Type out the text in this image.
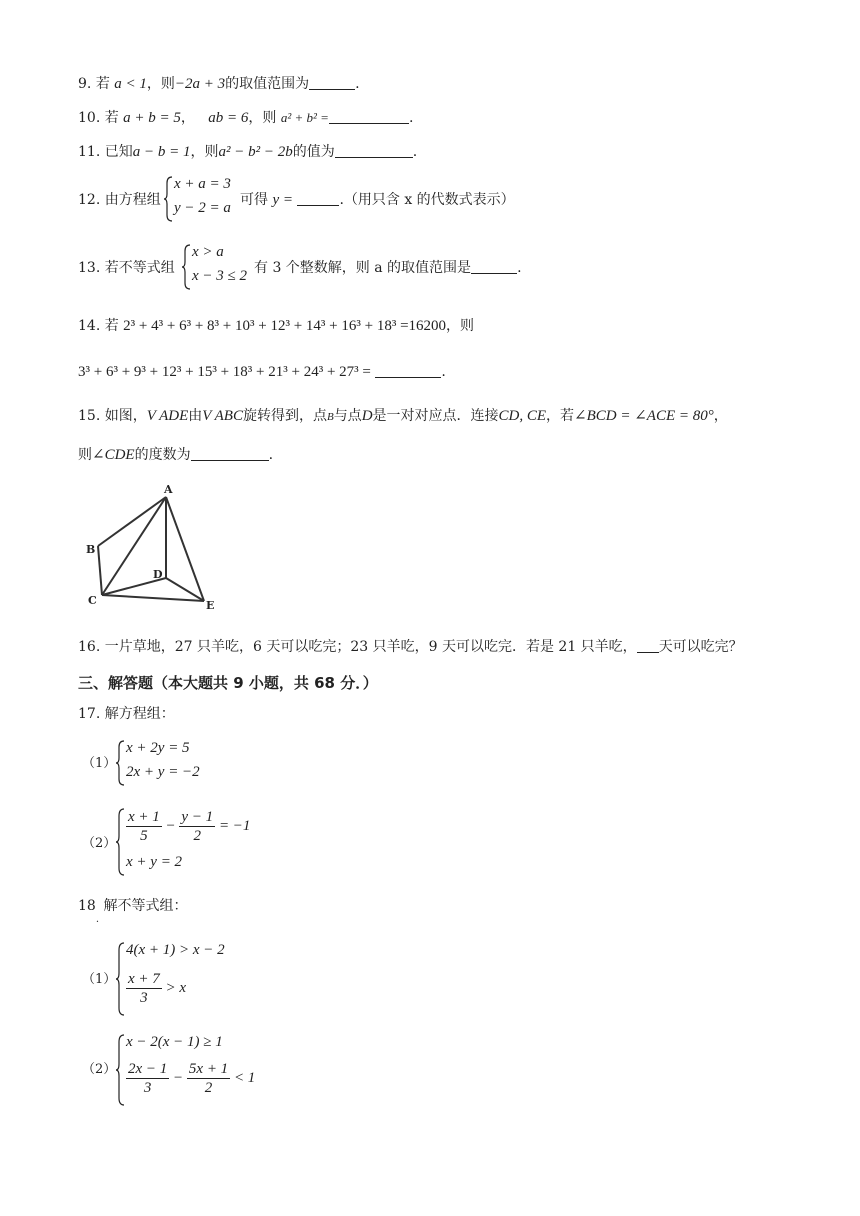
9. 若 a < 1，则−2a + 3的取值范围为	.
10. 若 a + b = 5， ab = 6，则 a² + b² =	.
11. 已知a − b = 1，则a² − b² − 2b的值为	.
12. 由方程组
x + a = 3
y − 2 = a 可得 y =	.（用只含 x 的代数式表示）
13. 若不等式组
x > a
x − 3 ≤ 2 有 3 个整数解，则 a 的取值范围是	.
14. 若 2³ + 4³ + 6³ + 8³ + 10³ + 12³ + 14³ + 16³ + 18³ =16200，则
3³ + 6³ + 9³ + 12³ + 15³ + 18³ + 21³ + 24³ + 27³ =	.
15. 如图，V ADE由V ABC旋转得到，点B与点D是一对对应点．连接CD, CE，若∠BCD = ∠ACE = 80°，
则∠CDE的度数为	.
A
B
C
D
E
16. 一片草地，27 只羊吃，6 天可以吃完；23 只羊吃，9 天可以吃完．若是 21 只羊吃， 天可以吃完？
三、解答题（本大题共 9 小题，共 68 分．）
17. 解方程组：
（1）
x + 2y = 5
2x + y = −2
$(2) \frac{x + 1}{5} - \frac{y - 1}{2} = -1$
x + y = 2
$18_.$ 解不等式组：
（1）
4(x + 1) > x − 2
$\frac{x + 7}{3} > x$
（2）
x − 2(x − 1) ≥ 1
$\frac{2x - 1}{3} - \frac{5x + 1}{2} < 1$
